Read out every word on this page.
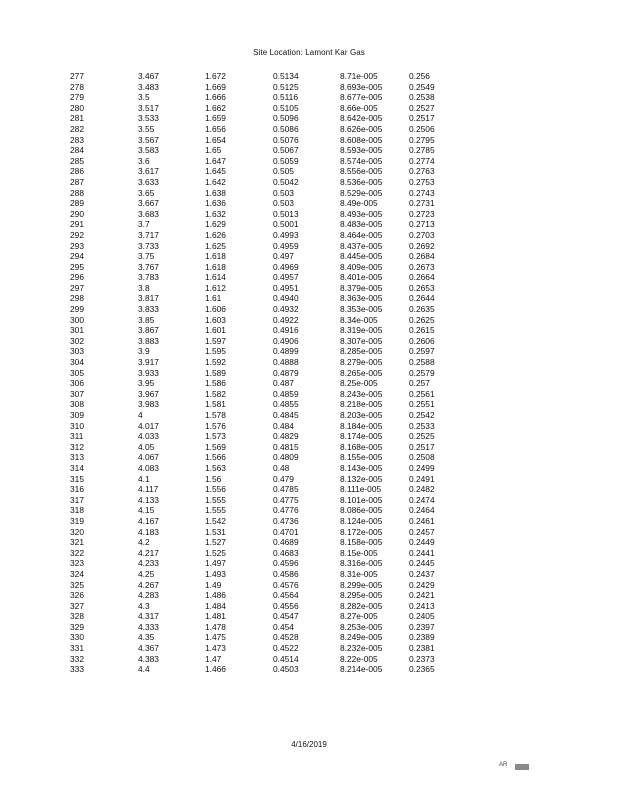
Site Location: Lamont Kar Gas
277	3.467	1.672	0.5134	8.71e-005	0.256
278	3.483	1.669	0.5125	8.693e-005	0.2549
279	3.5	1.666	0.5116	8.677e-005	0.2538
280	3.517	1.662	0.5105	8.66e-005	0.2527
281	3.533	1.659	0.5096	8.642e-005	0.2517
282	3.55	1.656	0.5086	8.626e-005	0.2506
283	3.567	1.654	0.5076	8.608e-005	0.2795
284	3.583	1.65	0.5067	8.593e-005	0.2785
285	3.6	1.647	0.5059	8.574e-005	0.2774
286	3.617	1.645	0.505	8.556e-005	0.2763
287	3.633	1.642	0.5042	8.536e-005	0.2753
288	3.65	1.638	0.503	8.529e-005	0.2743
289	3.667	1.636	0.503	8.49e-005	0.2731
290	3.683	1.632	0.5013	8.493e-005	0.2723
291	3.7	1.629	0.5001	8.483e-005	0.2713
292	3.717	1.626	0.4993	8.464e-005	0.2703
293	3.733	1.625	0.4959	8.437e-005	0.2692
294	3.75	1.618	0.497	8.445e-005	0.2684
295	3.767	1.618	0.4969	8.409e-005	0.2673
296	3.783	1.614	0.4957	8.401e-005	0.2664
297	3.8	1.612	0.4951	8.379e-005	0.2653
298	3.817	1.61	0.4940	8.363e-005	0.2644
299	3.833	1.606	0.4932	8.353e-005	0.2635
300	3.85	1.603	0.4922	8.34e-005	0.2625
301	3.867	1.601	0.4916	8.319e-005	0.2615
302	3.883	1.597	0.4906	8.307e-005	0.2606
303	3.9	1.595	0.4899	8.285e-005	0.2597
304	3.917	1.592	0.4888	8.279e-005	0.2588
305	3.933	1.589	0.4879	8.265e-005	0.2579
306	3.95	1.586	0.487	8.25e-005	0.257
307	3.967	1.582	0.4859	8.243e-005	0.2561
308	3.983	1.581	0.4855	8.218e-005	0.2551
309	4	1.578	0.4845	8.203e-005	0.2542
310	4.017	1.576	0.484	8.184e-005	0.2533
311	4.033	1.573	0.4829	8.174e-005	0.2525
312	4.05	1.569	0.4815	8.168e-005	0.2517
313	4.067	1.566	0.4809	8.155e-005	0.2508
314	4.083	1.563	0.48	8.143e-005	0.2499
315	4.1	1.56	0.479	8.132e-005	0.2491
316	4.117	1.556	0.4785	8.111e-005	0.2482
317	4.133	1.555	0.4775	8.101e-005	0.2474
318	4.15	1.555	0.4776	8.086e-005	0.2464
319	4.167	1.542	0.4736	8.124e-005	0.2461
320	4.183	1.531	0.4701	8.172e-005	0.2457
321	4.2	1.527	0.4689	8.158e-005	0.2449
322	4.217	1.525	0.4683	8.15e-005	0.2441
323	4.233	1.497	0.4596	8.316e-005	0.2445
324	4.25	1.493	0.4586	8.31e-005	0.2437
325	4.267	1.49	0.4576	8.299e-005	0.2429
326	4.283	1.486	0.4564	8.295e-005	0.2421
327	4.3	1.484	0.4556	8.282e-005	0.2413
328	4.317	1.481	0.4547	8.27e-005	0.2405
329	4.333	1.478	0.454	8.253e-005	0.2397
330	4.35	1.475	0.4528	8.249e-005	0.2389
331	4.367	1.473	0.4522	8.232e-005	0.2381
332	4.383	1.47	0.4514	8.22e-005	0.2373
333	4.4	1.466	0.4503	8.214e-005	0.2365
4/16/2019
AR
